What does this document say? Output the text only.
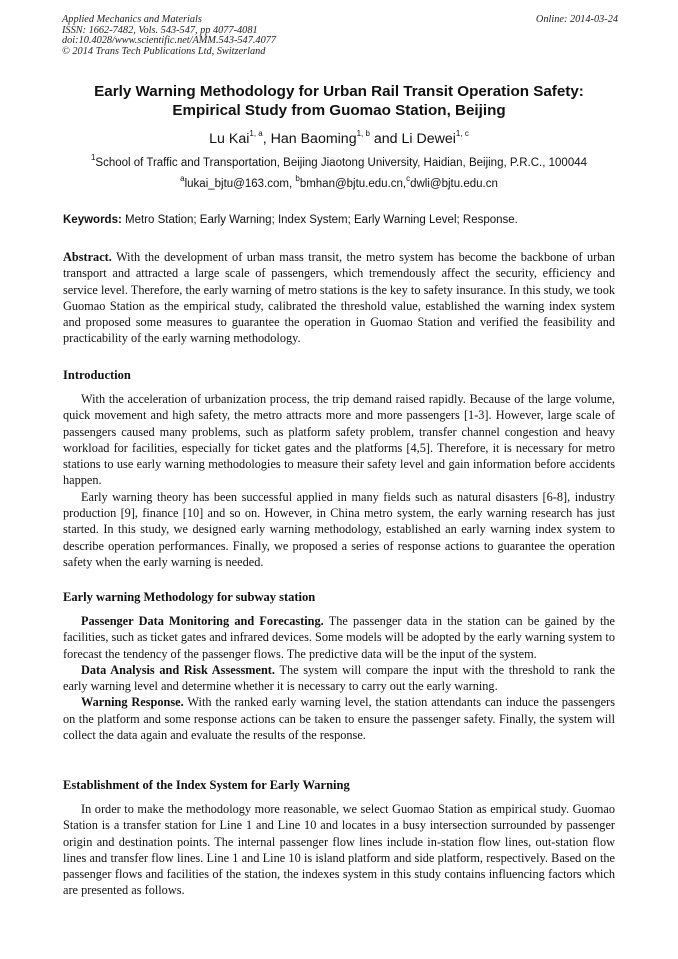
Applied Mechanics and Materials
ISSN: 1662-7482, Vols. 543-547, pp 4077-4081
doi:10.4028/www.scientific.net/AMM.543-547.4077
© 2014 Trans Tech Publications Ltd, Switzerland
Online: 2014-03-24
Early Warning Methodology for Urban Rail Transit Operation Safety:
Empirical Study from Guomao Station, Beijing
Lu Kai$^{1, a}$, Han Baoming$^{1, b}$ and Li Dewei$^{1, c}$
$^1$School of Traffic and Transportation, Beijing Jiaotong University, Haidian, Beijing, P.R.C., 100044
$^a$lukai_bjtu@163.com, $^b$bmhan@bjtu.edu.cn,$^c$dwli@bjtu.edu.cn
Keywords: Metro Station; Early Warning; Index System; Early Warning Level; Response.

Abstract. With the development of urban mass transit, the metro system has become the backbone of urban transport and attracted a large scale of passengers, which tremendously affect the security, efficiency and service level. Therefore, the early warning of metro stations is the key to safety insurance. In this study, we took Guomao Station as the empirical study, calibrated the threshold value, established the warning index system and proposed some measures to guarantee the operation in Guomao Station and verified the feasibility and practicability of the early warning methodology.

Introduction

With the acceleration of urbanization process, the trip demand raised rapidly. Because of the large volume, quick movement and high safety, the metro attracts more and more passengers [1-3]. However, large scale of passengers caused many problems, such as platform safety problem, transfer channel congestion and heavy workload for facilities, especially for ticket gates and the platforms [4,5]. Therefore, it is necessary for metro stations to use early warning methodologies to measure their safety level and gain information before accidents happen.

Early warning theory has been successful applied in many fields such as natural disasters [6-8], industry production [9], finance [10] and so on. However, in China metro system, the early warning research has just started. In this study, we designed early warning methodology, established an early warning index system to describe operation performances. Finally, we proposed a series of response actions to guarantee the operation safety when the early warning is needed.

Early warning Methodology for subway station

Passenger Data Monitoring and Forecasting. The passenger data in the station can be gained by the facilities, such as ticket gates and infrared devices. Some models will be adopted by the early warning system to forecast the tendency of the passenger flows. The predictive data will be the input of the system.

Data Analysis and Risk Assessment. The system will compare the input with the threshold to rank the early warning level and determine whether it is necessary to carry out the early warning.

Warning Response. With the ranked early warning level, the station attendants can induce the passengers on the platform and some response actions can be taken to ensure the passenger safety. Finally, the system will collect the data again and evaluate the results of the response.

Establishment of the Index System for Early Warning

In order to make the methodology more reasonable, we select Guomao Station as empirical study. Guomao Station is a transfer station for Line 1 and Line 10 and locates in a busy intersection surrounded by passenger origin and destination points. The internal passenger flow lines include in-station flow lines, out-station flow lines and transfer flow lines. Line 1 and Line 10 is island platform and side platform, respectively. Based on the passenger flows and facilities of the station, the indexes system in this study contains influencing factors which are presented as follows.
